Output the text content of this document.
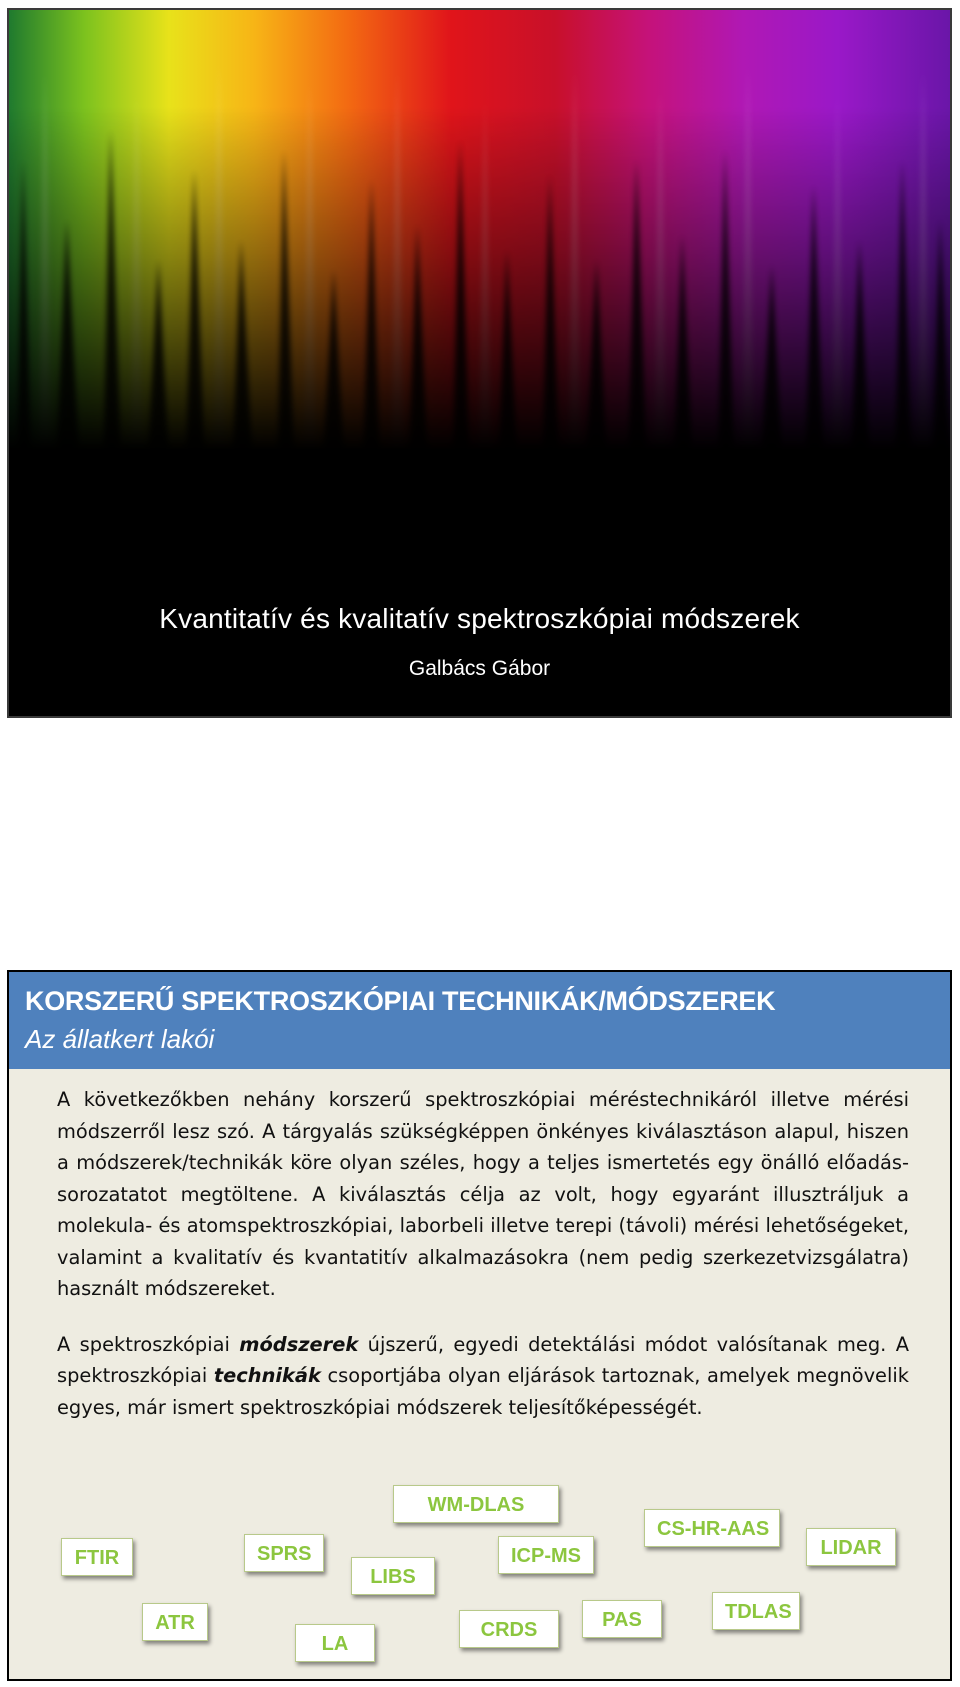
Kvantitatív és kvalitatív spektroszkópiai módszerek
Galbács Gábor
KORSZERŰ SPEKTROSZKÓPIAI TECHNIKÁK/MÓDSZEREK
Az állatkert lakói

A következőkben nehány korszerű spektroszkópiai méréstechnikáról illetve mérési módszerről lesz szó. A tárgyalás szükségképpen önkényes kiválasztáson alapul, hiszen a módszerek/technikák köre olyan széles, hogy a teljes ismertetés egy önálló előadás-sorozatatot megtöltene. A kiválasztás célja az volt, hogy egyaránt illusztráljuk a molekula- és atomspektroszkópiai, laborbeli illetve terepi (távoli) mérési lehetőségeket, valamint a kvalitatív és kvantatitív alkalmazásokra (nem pedig szerkezetvizsgálatra) használt módszereket.

A spektroszkópiai módszerek újszerű, egyedi detektálási módot valósítanak meg. A spektroszkópiai technikák csoportjába olyan eljárások tartoznak, amelyek megnövelik egyes, már ismert spektroszkópiai módszerek teljesítőképességét.

FTIR
ATR
SPRS
LA
LIBS
WM-DLAS
CRDS
ICP-MS
PAS
CS-HR-AAS
TDLAS
LIDAR
